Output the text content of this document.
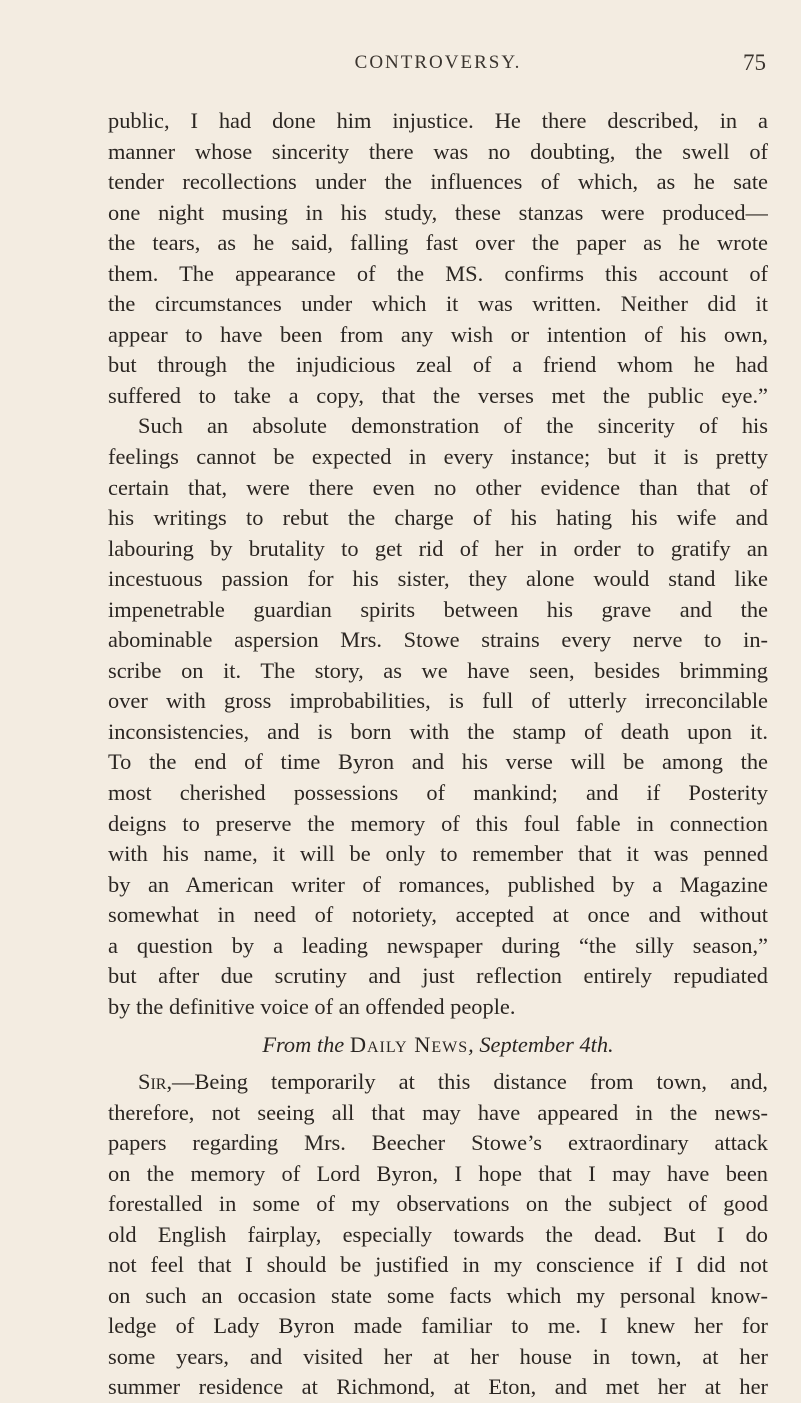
CONTROVERSY.	75
public, I had done him injustice. He there described, in a
manner whose sincerity there was no doubting, the swell of
tender recollections under the influences of which, as he sate
one night musing in his study, these stanzas were produced—
the tears, as he said, falling fast over the paper as he wrote
them. The appearance of the MS. confirms this account of
the circumstances under which it was written. Neither did it
appear to have been from any wish or intention of his own,
but through the injudicious zeal of a friend whom he had
suffered to take a copy, that the verses met the public eye.”
Such an absolute demonstration of the sincerity of his
feelings cannot be expected in every instance; but it is pretty
certain that, were there even no other evidence than that of
his writings to rebut the charge of his hating his wife and
labouring by brutality to get rid of her in order to gratify an
incestuous passion for his sister, they alone would stand like
impenetrable guardian spirits between his grave and the
abominable aspersion Mrs. Stowe strains every nerve to in-
scribe on it. The story, as we have seen, besides brimming
over with gross improbabilities, is full of utterly irreconcilable
inconsistencies, and is born with the stamp of death upon it.
To the end of time Byron and his verse will be among the
most cherished possessions of mankind; and if Posterity
deigns to preserve the memory of this foul fable in connection
with his name, it will be only to remember that it was penned
by an American writer of romances, published by a Magazine
somewhat in need of notoriety, accepted at once and without
a question by a leading newspaper during “the silly season,”
but after due scrutiny and just reflection entirely repudiated
by the definitive voice of an offended people.
From the Daily News, September 4th.
Sir,—Being temporarily at this distance from town, and,
therefore, not seeing all that may have appeared in the news-
papers regarding Mrs. Beecher Stowe’s extraordinary attack
on the memory of Lord Byron, I hope that I may have been
forestalled in some of my observations on the subject of good
old English fairplay, especially towards the dead. But I do
not feel that I should be justified in my conscience if I did not
on such an occasion state some facts which my personal know-
ledge of Lady Byron made familiar to me. I knew her for
some years, and visited her at her house in town, at her
summer residence at Richmond, at Eton, and met her at her
